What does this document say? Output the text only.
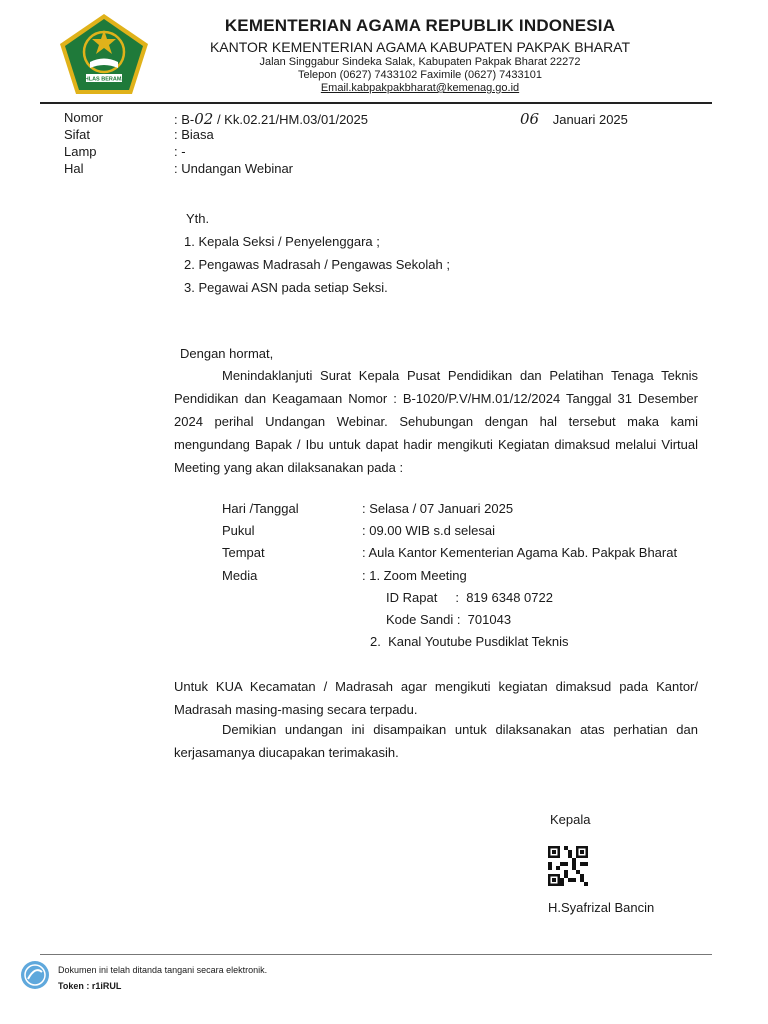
IKHLAS BERAMAL
KEMENTERIAN AGAMA REPUBLIK INDONESIA
KANTOR KEMENTERIAN AGAMA KABUPATEN PAKPAK BHARAT
Jalan Singgabur Sindeka Salak, Kabupaten Pakpak Bharat 22272
Telepon (0627) 7433102 Faximile (0627) 7433101
Email.kabpakpakbharat@kemenag.go.id
Nomor	: B-02 / Kk.02.21/HM.03/01/2025	06 Januari 2025
Sifat	: Biasa
Lamp	: -
Hal	: Undangan Webinar
Yth.
1. Kepala Seksi / Penyelenggara ;
2. Pengawas Madrasah / Pengawas Sekolah ;
3. Pegawai ASN pada setiap Seksi.
Dengan hormat,
Menindaklanjuti Surat Kepala Pusat Pendidikan dan Pelatihan Tenaga Teknis Pendidikan dan Keagamaan Nomor : B-1020/P.V/HM.01/12/2024 Tanggal 31 Desember 2024 perihal Undangan Webinar. Sehubungan dengan hal tersebut maka kami mengundang Bapak / Ibu untuk dapat hadir mengikuti Kegiatan dimaksud melalui Virtual Meeting yang akan dilaksanakan pada :
Hari /Tanggal	: Selasa / 07 Januari 2025
Pukul	: 09.00 WIB s.d selesai
Tempat	: Aula Kantor Kementerian Agama Kab. Pakpak Bharat
Media	: 1. Zoom Meeting
ID Rapat     :  819 6348 0722
Kode Sandi :  701043
2.  Kanal Youtube Pusdiklat Teknis
Untuk KUA Kecamatan / Madrasah agar mengikuti kegiatan dimaksud pada Kantor/ Madrasah masing-masing secara terpadu.
Demikian undangan ini disampaikan untuk dilaksanakan atas perhatian dan kerjasamanya diucapakan terimakasih.
Kepala
H.Syafrizal Bancin
Dokumen ini telah ditanda tangani secara elektronik.
Token : r1iRUL
